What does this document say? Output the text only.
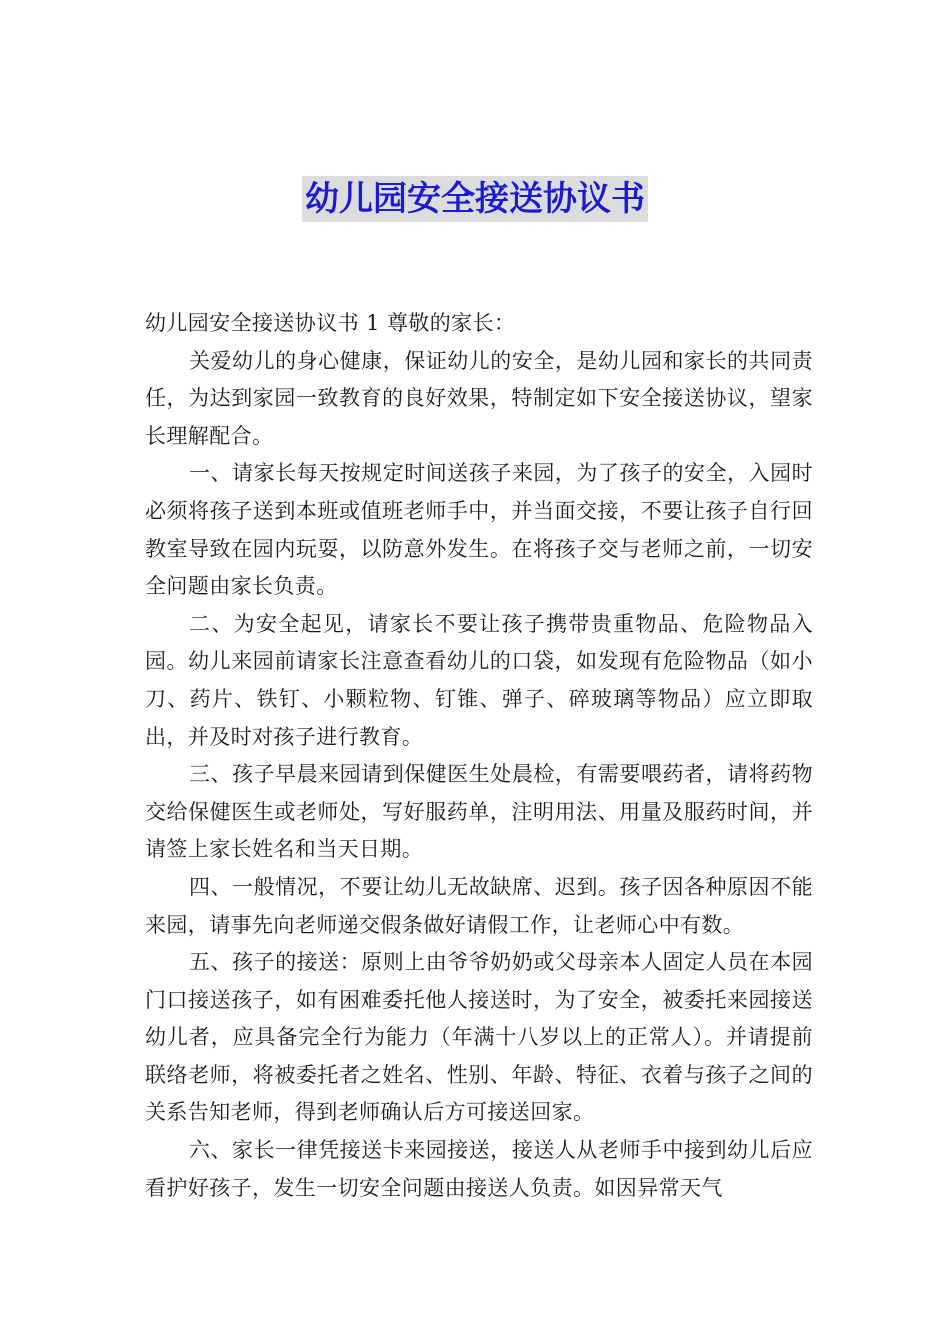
幼儿园安全接送协议书

幼儿园安全接送协议书 1 尊敬的家长：

关爱幼儿的身心健康，保证幼儿的安全，是幼儿园和家长的共同责任，为达到家园一致教育的良好效果，特制定如下安全接送协议，望家长理解配合。

一、请家长每天按规定时间送孩子来园，为了孩子的安全，入园时必须将孩子送到本班或值班老师手中，并当面交接，不要让孩子自行回教室导致在园内玩耍，以防意外发生。在将孩子交与老师之前，一切安全问题由家长负责。

二、为安全起见，请家长不要让孩子携带贵重物品、危险物品入园。幼儿来园前请家长注意查看幼儿的口袋，如发现有危险物品（如小刀、药片、铁钉、小颗粒物、钉锥、弹子、碎玻璃等物品）应立即取出，并及时对孩子进行教育。

三、孩子早晨来园请到保健医生处晨检，有需要喂药者，请将药物交给保健医生或老师处，写好服药单，注明用法、用量及服药时间，并请签上家长姓名和当天日期。

四、一般情况，不要让幼儿无故缺席、迟到。孩子因各种原因不能来园，请事先向老师递交假条做好请假工作，让老师心中有数。

五、孩子的接送：原则上由爷爷奶奶或父母亲本人固定人员在本园门口接送孩子，如有困难委托他人接送时，为了安全，被委托来园接送幼儿者，应具备完全行为能力（年满十八岁以上的正常人）。并请提前联络老师，将被委托者之姓名、性别、年龄、特征、衣着与孩子之间的关系告知老师，得到老师确认后方可接送回家。

六、家长一律凭接送卡来园接送，接送人从老师手中接到幼儿后应看护好孩子，发生一切安全问题由接送人负责。如因异常天气
